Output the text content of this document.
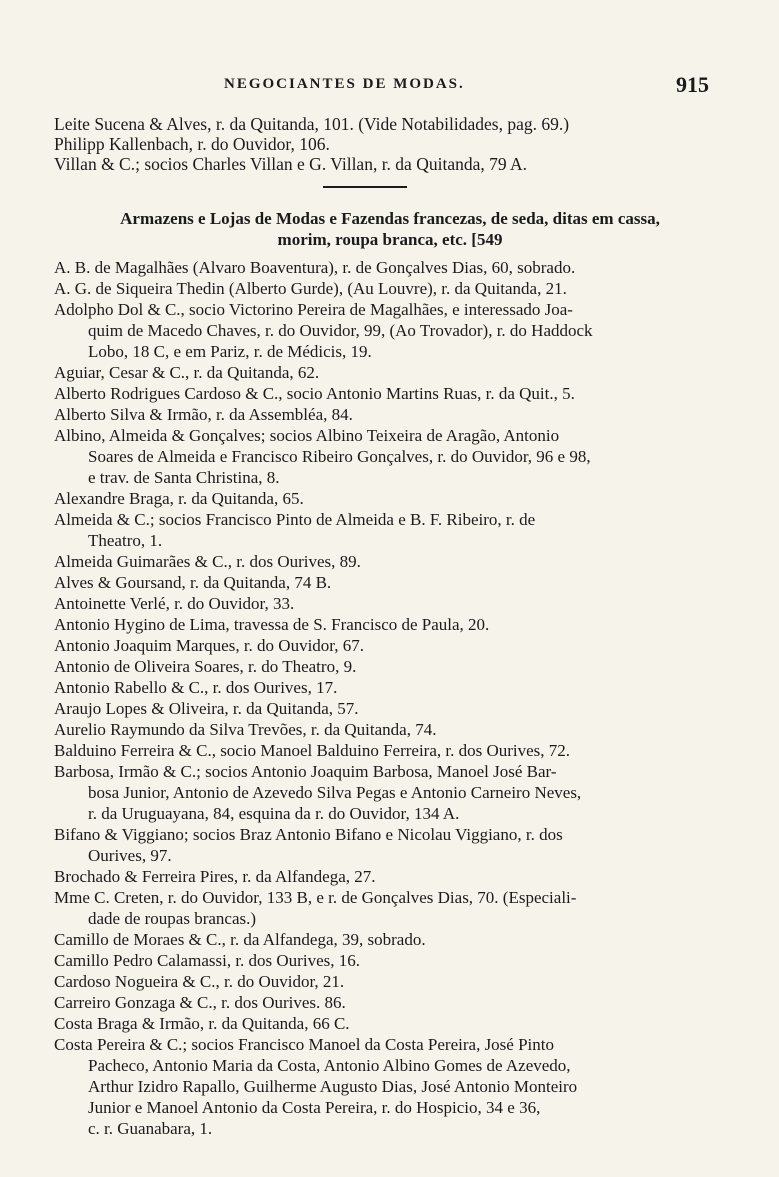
NEGOCIANTES DE MODAS.	915
Leite Sucena & Alves, r. da Quitanda, 101. (Vide Notabilidades, pag. 69.)
Philipp Kallenbach, r. do Ouvidor, 106.
Villan & C.; socios Charles Villan e G. Villan, r. da Quitanda, 79 A.
Armazens e Lojas de Modas e Fazendas francezas, de seda, ditas em cassa,
morim, roupa branca, etc. [549
A. B. de Magalhães (Alvaro Boaventura), r. de Gonçalves Dias, 60, sobrado.
A. G. de Siqueira Thedin (Alberto Gurde), (Au Louvre), r. da Quitanda, 21.
Adolpho Dol & C., socio Victorino Pereira de Magalhães, e interessado Joa-
quim de Macedo Chaves, r. do Ouvidor, 99, (Ao Trovador), r. do Haddock
Lobo, 18 C, e em Pariz, r. de Médicis, 19.
Aguiar, Cesar & C., r. da Quitanda, 62.
Alberto Rodrigues Cardoso & C., socio Antonio Martins Ruas, r. da Quit., 5.
Alberto Silva & Irmão, r. da Assembléa, 84.
Albino, Almeida & Gonçalves; socios Albino Teixeira de Aragão, Antonio
Soares de Almeida e Francisco Ribeiro Gonçalves, r. do Ouvidor, 96 e 98,
e trav. de Santa Christina, 8.
Alexandre Braga, r. da Quitanda, 65.
Almeida & C.; socios Francisco Pinto de Almeida e B. F. Ribeiro, r. de
Theatro, 1.
Almeida Guimarães & C., r. dos Ourives, 89.
Alves & Goursand, r. da Quitanda, 74 B.
Antoinette Verlé, r. do Ouvidor, 33.
Antonio Hygino de Lima, travessa de S. Francisco de Paula, 20.
Antonio Joaquim Marques, r. do Ouvidor, 67.
Antonio de Oliveira Soares, r. do Theatro, 9.
Antonio Rabello & C., r. dos Ourives, 17.
Araujo Lopes & Oliveira, r. da Quitanda, 57.
Aurelio Raymundo da Silva Trevões, r. da Quitanda, 74.
Balduino Ferreira & C., socio Manoel Balduino Ferreira, r. dos Ourives, 72.
Barbosa, Irmão & C.; socios Antonio Joaquim Barbosa, Manoel José Bar-
bosa Junior, Antonio de Azevedo Silva Pegas e Antonio Carneiro Neves,
r. da Uruguayana, 84, esquina da r. do Ouvidor, 134 A.
Bifano & Viggiano; socios Braz Antonio Bifano e Nicolau Viggiano, r. dos
Ourives, 97.
Brochado & Ferreira Pires, r. da Alfandega, 27.
Mme C. Creten, r. do Ouvidor, 133 B, e r. de Gonçalves Dias, 70. (Especiali-
dade de roupas brancas.)
Camillo de Moraes & C., r. da Alfandega, 39, sobrado.
Camillo Pedro Calamassi, r. dos Ourives, 16.
Cardoso Nogueira & C., r. do Ouvidor, 21.
Carreiro Gonzaga & C., r. dos Ourives. 86.
Costa Braga & Irmão, r. da Quitanda, 66 C.
Costa Pereira & C.; socios Francisco Manoel da Costa Pereira, José Pinto
Pacheco, Antonio Maria da Costa, Antonio Albino Gomes de Azevedo,
Arthur Izidro Rapallo, Guilherme Augusto Dias, José Antonio Monteiro
Junior e Manoel Antonio da Costa Pereira, r. do Hospicio, 34 e 36,
c. r. Guanabara, 1.
